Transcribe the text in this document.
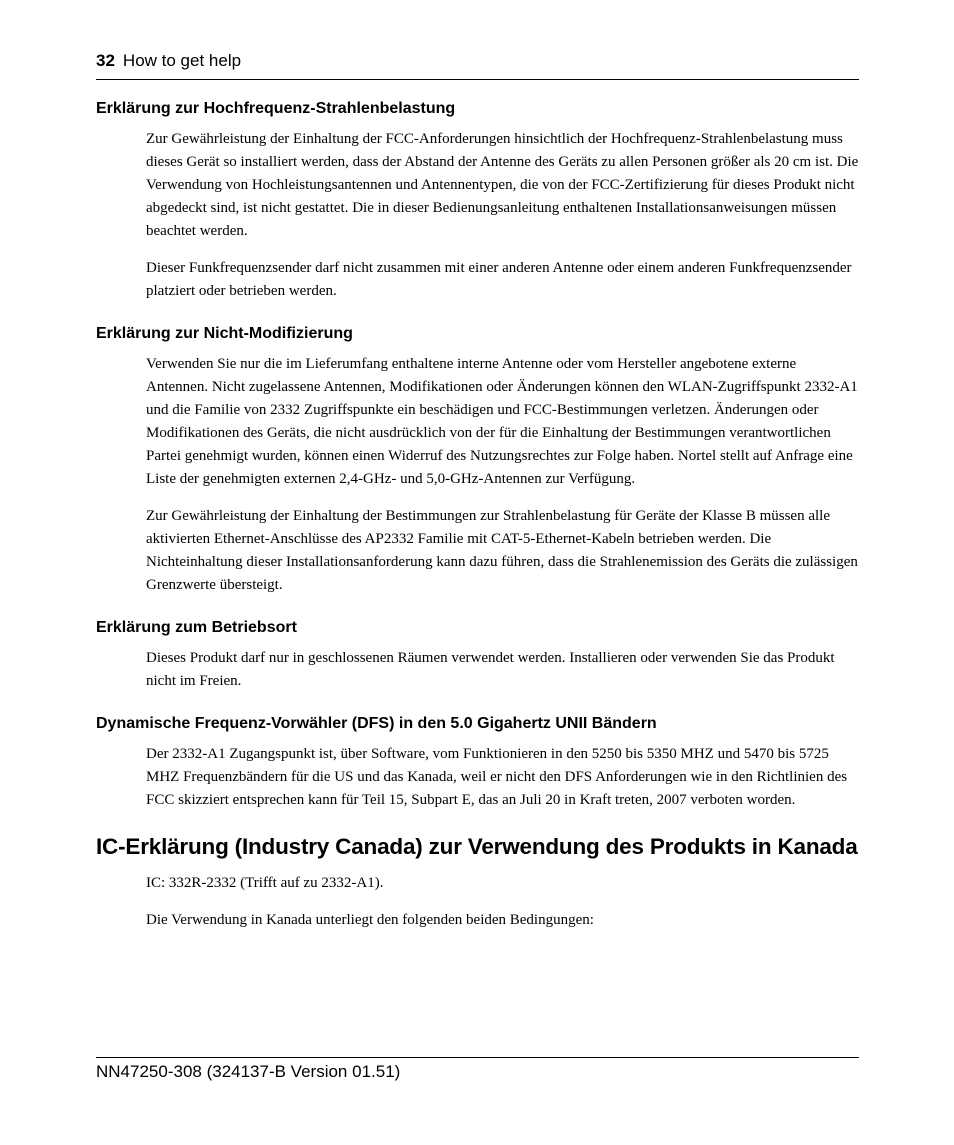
32 How to get help
Erklärung zur Hochfrequenz-Strahlenbelastung

Zur Gewährleistung der Einhaltung der FCC-Anforderungen hinsichtlich der Hochfrequenz-Strahlenbelastung muss dieses Gerät so installiert werden, dass der Abstand der Antenne des Geräts zu allen Personen größer als 20 cm ist. Die Verwendung von Hochleistungsantennen und Antennentypen, die von der FCC-Zertifizierung für dieses Produkt nicht abgedeckt sind, ist nicht gestattet. Die in dieser Bedienungsanleitung enthaltenen Installationsanweisungen müssen beachtet werden.

Dieser Funkfrequenzsender darf nicht zusammen mit einer anderen Antenne oder einem anderen Funkfrequenzsender platziert oder betrieben werden.

Erklärung zur Nicht-Modifizierung

Verwenden Sie nur die im Lieferumfang enthaltene interne Antenne oder vom Hersteller angebotene externe Antennen. Nicht zugelassene Antennen, Modifikationen oder Änderungen können den WLAN-Zugriffspunkt 2332-A1 und die Familie von 2332 Zugriffspunkte ein beschädigen und FCC-Bestimmungen verletzen. Änderungen oder Modifikationen des Geräts, die nicht ausdrücklich von der für die Einhaltung der Bestimmungen verantwortlichen Partei genehmigt wurden, können einen Widerruf des Nutzungsrechtes zur Folge haben. Nortel stellt auf Anfrage eine Liste der genehmigten externen 2,4-GHz- und 5,0-GHz-Antennen zur Verfügung.

Zur Gewährleistung der Einhaltung der Bestimmungen zur Strahlenbelastung für Geräte der Klasse B müssen alle aktivierten Ethernet-Anschlüsse des AP2332 Familie mit CAT-5-Ethernet-Kabeln betrieben werden. Die Nichteinhaltung dieser Installationsanforderung kann dazu führen, dass die Strahlenemission des Geräts die zulässigen Grenzwerte übersteigt.

Erklärung zum Betriebsort

Dieses Produkt darf nur in geschlossenen Räumen verwendet werden. Installieren oder verwenden Sie das Produkt nicht im Freien.

Dynamische Frequenz-Vorwähler (DFS) in den 5.0 Gigahertz UNII Bändern

Der 2332-A1 Zugangspunkt ist, über Software, vom Funktionieren in den 5250 bis 5350 MHZ und 5470 bis 5725 MHZ Frequenzbändern für die US und das Kanada, weil er nicht den DFS Anforderungen wie in den Richtlinien des FCC skizziert entsprechen kann für Teil 15, Subpart E, das an Juli 20 in Kraft treten, 2007 verboten worden.

IC-Erklärung (Industry Canada) zur Verwendung des Produkts in Kanada

IC: 332R-2332 (Trifft auf zu 2332-A1).

Die Verwendung in Kanada unterliegt den folgenden beiden Bedingungen:

NN47250-308 (324137-B Version 01.51)
